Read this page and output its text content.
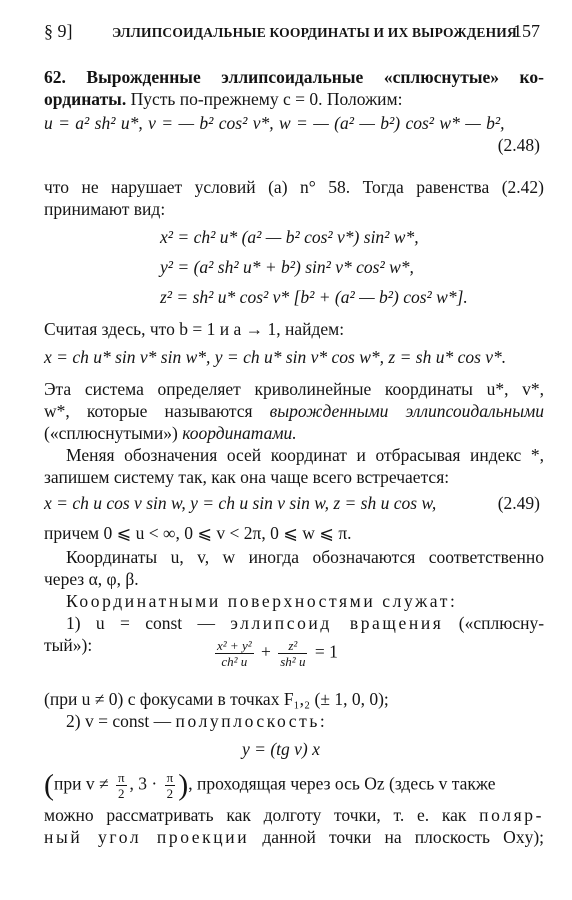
§ 9]	ЭЛЛИПСОИДАЛЬНЫЕ КООРДИНАТЫ И ИХ ВЫРОЖДЕНИЯ
157
62. Вырожденные эллипсоидальные «сплюснутые» ко-
ординаты. Пусть по-прежнему c = 0. Положим:
u = a² sh² u*, v = — b² cos² v*, w = — (a² — b²) cos² w* — b²,
(2.48)
что не нарушает условий (а) n° 58. Тогда равенства (2.42)
принимают вид:
x² = ch² u* (a² — b² cos² v*) sin² w*,
y² = (a² sh² u* + b²) sin² v* cos² w*,
z² = sh² u* cos² v* [b² + (a² — b²) cos² w*].
Считая здесь, что b = 1 и a → 1, найдем:
x = ch u* sin v* sin w*, y = ch u* sin v* cos w*, z = sh u* cos v*.
Эта система определяет криволинейные координаты u*, v*,
w*, которые называются вырожденными эллипсоидальными
(«сплюснутыми») координатами.
Меняя обозначения осей координат и отбрасывая индекс *,
запишем систему так, как она чаще всего встречается:
x = ch u cos v sin w, y = ch u sin v sin w, z = sh u cos w,	(2.49)
причем 0 ⩽ u < ∞, 0 ⩽ v < 2π, 0 ⩽ w ⩽ π.
Координаты u, v, w иногда обозначаются соответственно
через α, φ, β.
Координатными поверхностями служат:
1) u = const — эллипсоид вращения («сплюсну-
тый»):	$\frac{\text{x² + y²}}{\text{ch² u}} + \frac{\text{z²}}{\text{sh² u}} = 1$
(при u ≠ 0) с фокусами в точках F₁,₂ (± 1, 0, 0);
2) v = const — полуплоскость:
y = (tg v) x
(при $v \ne \frac{\pi}{2}$ , $3 \cdot \frac{\pi}{2}$ ), проходящая через ось Oz (здесь v также
можно рассматривать как долготу точки, т. е. как поляр-
ный угол проекции данной точки на плоскость Oxy);
